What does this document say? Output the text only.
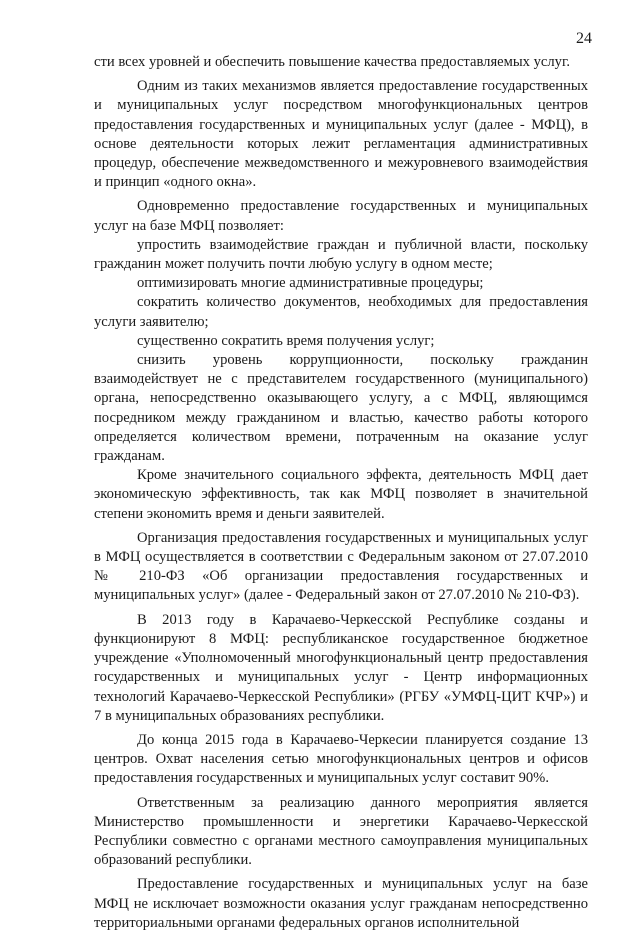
24

сти всех уровней и обеспечить повышение качества предоставляемых услуг.

Одним из таких механизмов является предоставление государственных и муниципальных услуг посредством многофункциональных центров предоставления государственных и муниципальных услуг (далее - МФЦ), в основе деятельности которых лежит регламентация административных процедур, обеспечение межведомственного и межуровневого взаимодействия и принцип «одного окна».

Одновременно предоставление государственных и муниципальных услуг на базе МФЦ позволяет:

упростить взаимодействие граждан и публичной власти, поскольку гражданин может получить почти любую услугу в одном месте;

оптимизировать многие административные процедуры;

сократить количество документов, необходимых для предоставления услуги заявителю;

существенно сократить время получения услуг;

снизить уровень коррупционности, поскольку гражданин взаимодействует не с представителем государственного (муниципального) органа, непосредственно оказывающего услугу, а с МФЦ, являющимся посредником между гражданином и властью, качество работы которого определяется количеством времени, потраченным на оказание услуг гражданам.

Кроме значительного социального эффекта, деятельность МФЦ дает экономическую эффективность, так как МФЦ позволяет в значительной степени экономить время и деньги заявителей.

Организация предоставления государственных и муниципальных услуг в МФЦ осуществляется в соответствии с Федеральным законом от 27.07.2010 № 210-ФЗ «Об организации предоставления государственных и муниципальных услуг» (далее - Федеральный закон от 27.07.2010 № 210-ФЗ).

В 2013 году в Карачаево-Черкесской Республике созданы и функционируют 8 МФЦ: республиканское государственное бюджетное учреждение «Уполномоченный многофункциональный центр предоставления государственных и муниципальных услуг - Центр информационных технологий Карачаево-Черкесской Республики» (РГБУ «УМФЦ-ЦИТ КЧР») и 7 в муниципальных образованиях республики.

До конца 2015 года в Карачаево-Черкесии планируется создание 13 центров. Охват населения сетью многофункциональных центров и офисов предоставления государственных и муниципальных услуг составит 90%.

Ответственным за реализацию данного мероприятия является Министерство промышленности и энергетики Карачаево-Черкесской Республики совместно с органами местного самоуправления муниципальных образований республики.

Предоставление государственных и муниципальных услуг на базе МФЦ не исключает возможности оказания услуг гражданам непосредственно территориальными органами федеральных органов исполнительной
